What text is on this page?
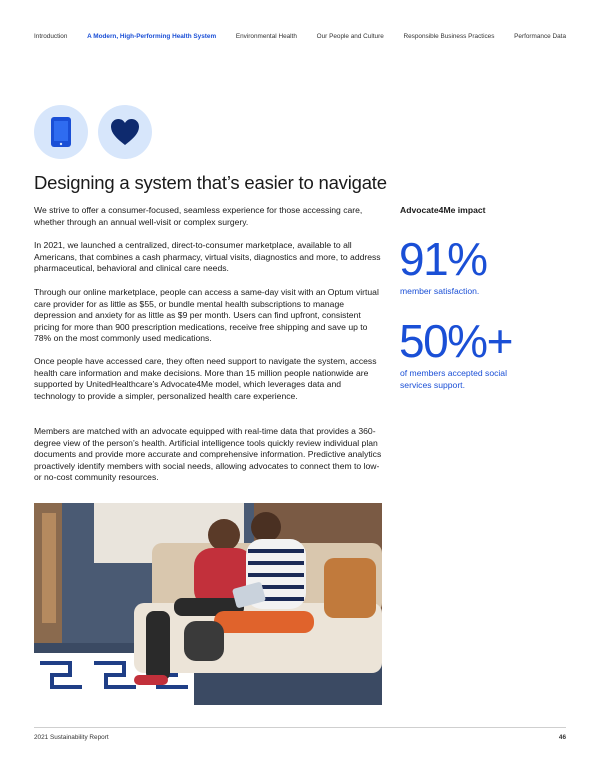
Introduction	A Modern, High-Performing Health System	Environmental Health	Our People and Culture	Responsible Business Practices	Performance Data
Designing a system that’s easier to navigate

We strive to offer a consumer-focused, seamless experience for those accessing care, whether through an annual well-visit or complex surgery.

In 2021, we launched a centralized, direct-to-consumer marketplace, available to all Americans, that combines a cash pharmacy, virtual visits, diagnostics and more, to address pharmaceutical, behavioral and clinical care needs.

Through our online marketplace, people can access a same-day visit with an Optum virtual care provider for as little as $55, or bundle mental health subscriptions to manage depression and anxiety for as little as $9 per month. Users can find upfront, consistent pricing for more than 900 prescription medications, receive free shipping and save up to 78% on the most commonly used medications.

Once people have accessed care, they often need support to navigate the system, access health care information and make decisions. More than 15 million people nationwide are supported by UnitedHealthcare’s Advocate4Me model, which leverages data and technology to provide a simpler, personalized health care experience.

Members are matched with an advocate equipped with real-time data that provides a 360-degree view of the person’s health. Artificial intelligence tools quickly review individual plan documents and provide more accurate and comprehensive information. Predictive analytics proactively identify members with social needs, allowing advocates to connect them to low- or no-cost community resources.

Advocate4Me impact
91%
member satisfaction.
50%+
of members accepted social services support.
2021 Sustainability Report	46
